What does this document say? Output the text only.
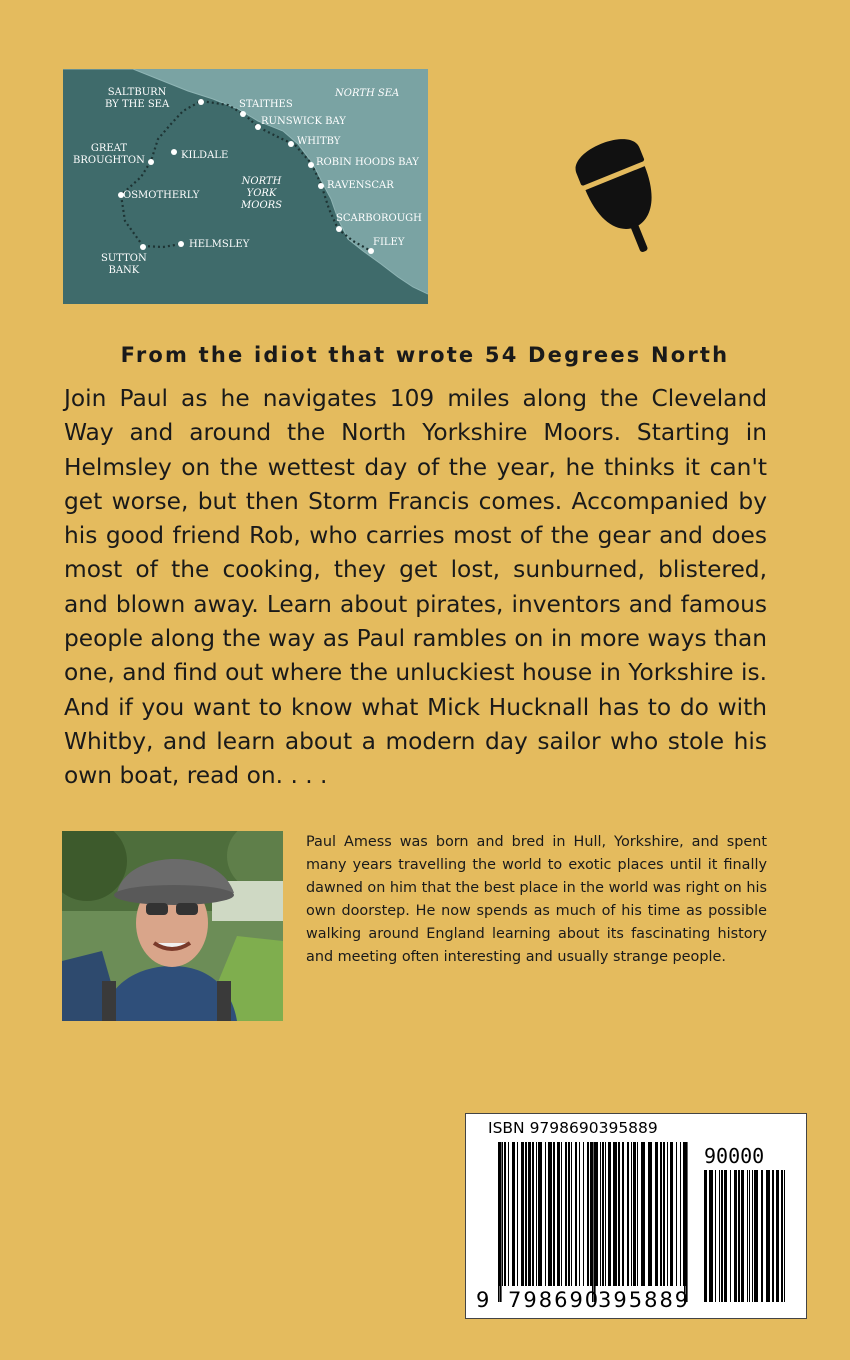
SALTBURN
BY THE SEA	STAITHES
RUNSWICK BAY
WHITBY
ROBIN HOODS BAY
RAVENSCAR
SCARBOROUGH
FILEY
GREAT
BROUGHTON	KILDALE
OSMOTHERLY
HELMSLEY
SUTTON
BANK
NORTH
YORK
MOORS
NORTH SEA
From the idiot that wrote 54 Degrees North
Join Paul as he navigates 109 miles along the Cleveland Way and around the North Yorkshire Moors. Starting in Helmsley on the wettest day of the year, he thinks it can't get worse, but then Storm Francis comes. Accompanied by his good friend Rob, who carries most of the gear and does most of the cooking, they get lost, sunburned, blistered, and blown away. Learn about pirates, inventors and famous people along the way as Paul rambles on in more ways than one, and find out where the unluckiest house in Yorkshire is. And if you want to know what Mick Hucknall has to do with Whitby, and learn about a modern day sailor who stole his own boat, read on. . . .
Paul Amess was born and bred in Hull, Yorkshire, and spent many years travelling the world to exotic places until it finally dawned on him that the best place in the world was right on his own doorstep. He now spends as much of his time as possible walking around England learning about its fascinating history and meeting often interesting and usually strange people.
ISBN 9798690395889
90000
9 798690
395889
